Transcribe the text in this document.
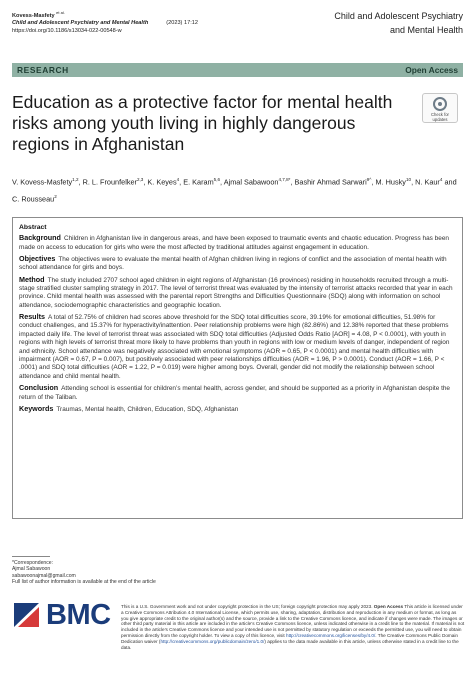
Kovess-Masfety $^{et al.}$
Child and Adolescent Psychiatry and Mental Health	(2023) 17:12
https://doi.org/10.1186/s13034-022-00548-w
Child and Adolescent Psychiatry
and Mental Health
RESEARCH	Open Access
Education as a protective factor for mental health risks among youth living in highly dangerous regions in Afghanistan
Check for
updates
V. Kovess-Masfety$^{1,2}$, R. L. Frounfelker$^{2,3}$, K. Keyes$^4$, E. Karam$^{5,6}$, Ajmal Sabawoon$^{4,7,8*}$, Bashir Ahmad Sarwari$^{9\^{}}$, M. Husky$^{10}$, N. Kaur$^4$ and C. Rousseau$^2$
Abstract

Background Children in Afghanistan live in dangerous areas, and have been exposed to traumatic events and chaotic education. Progress has been made on access to education for girls who were the most affected by traditional attitudes against engagement in education.

Objectives The objectives were to evaluate the mental health of Afghan children living in regions of conflict and the association of mental health with school attendance for girls and boys.

Method The study included 2707 school aged children in eight regions of Afghanistan (16 provinces) residing in households recruited through a multi-stage stratified cluster sampling strategy in 2017. The level of terrorist threat was evaluated by the intensity of terrorist attacks recorded that year in each province. Child mental health was assessed with the parental report Strengths and Difficulties Questionnaire (SDQ) along with information on school attendance, sociodemographic characteristics and geographic location.

Results A total of 52.75% of children had scores above threshold for the SDQ total difficulties score, 39.19% for emotional difficulties, 51.98% for conduct challenges, and 15.37% for hyperactivity/inattention. Peer relationship problems were high (82.86%) and 12.38% reported that these problems impacted daily life. The level of terrorist threat was associated with SDQ total difficulties (Adjusted Odds Ratio [AOR] = 4.08, P < 0.0001), with youth in regions with high levels of terrorist threat more likely to have problems than youth in regions with low or medium levels of danger, independent of region and ethnicity. School attendance was negatively associated with emotional symptoms (AOR = 0.65, P < 0.0001) and mental health difficulties with impairment (AOR = 0.67, P = 0.007), but positively associated with peer relationships difficulties (AOR = 1.96, P > 0.0001). Conduct (AOR = 1.66, P < .0001) and SDQ total difficulties (AOR = 1.22, P = 0.019) were higher among boys. Overall, gender did not modify the relationship between school attendance and child mental health.

Conclusion Attending school is essential for children’s mental health, across gender, and should be supported as a priority in Afghanistan despite the return of the Taliban.

Keywords Traumas, Mental health, Children, Education, SDQ, Afghanistan

*Correspondence:
Ajmal Sabawoon
sabawoonajmal@gmail.com
Full list of author information is available at the end of the article
BMC This is a U.S. Government work and not under copyright protection in the US; foreign copyright protection may apply 2023. Open Access This article is licensed under a Creative Commons Attribution 4.0 International License, which permits use, sharing, adaptation, distribution and reproduction in any medium or format, as long as you give appropriate credit to the original author(s) and the source, provide a link to the Creative Commons licence, and indicate if changes were made. The images or other third party material in this article are included in the article’s Creative Commons licence, unless indicated otherwise in a credit line to the material. If material is not included in the article’s Creative Commons licence and your intended use is not permitted by statutory regulation or exceeds the permitted use, you will need to obtain permission directly from the copyright holder. To view a copy of this licence, visit http://creativecommons.org/licenses/by/4.0/. The Creative Commons Public Domain Dedication waiver (http://creativecommons.org/publicdomain/zero/1.0/) applies to the data made available in this article, unless otherwise stated in a credit line to the data.
